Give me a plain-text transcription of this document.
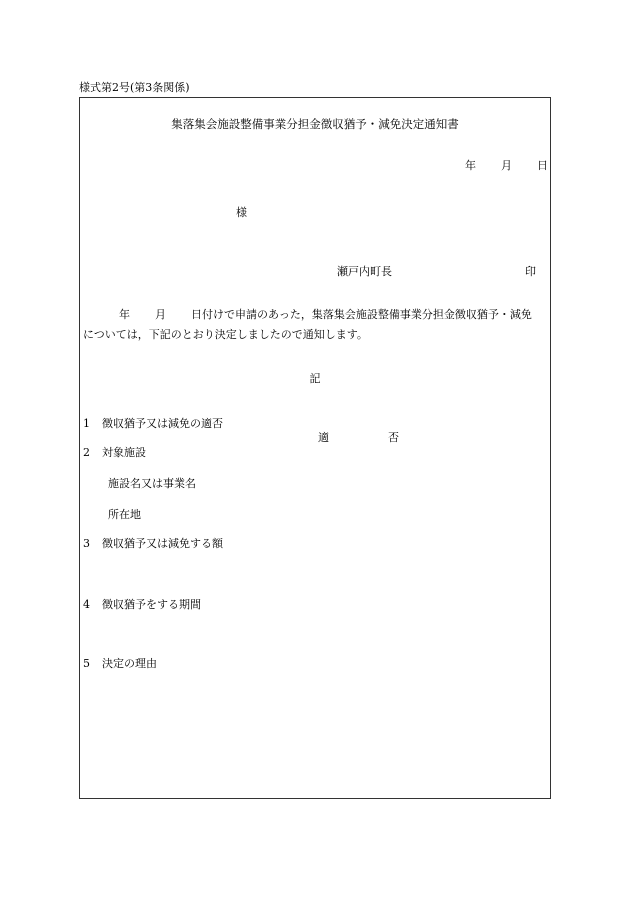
様式第2号(第3条関係)
集落集会施設整備事業分担金徴収猶予・減免決定通知書
年 月 日
様
瀬戸内町長	印
年 月 日付けで申請のあった，集落集会施設整備事業分担金徴収猶予・減免
については，下記のとおり決定しましたので通知します。
記
1 徴収猶予又は減免の適否
適	否
2 対象施設
施設名又は事業名
所在地
3 徴収猶予又は減免する額
4 徴収猶予をする期間
5 決定の理由
